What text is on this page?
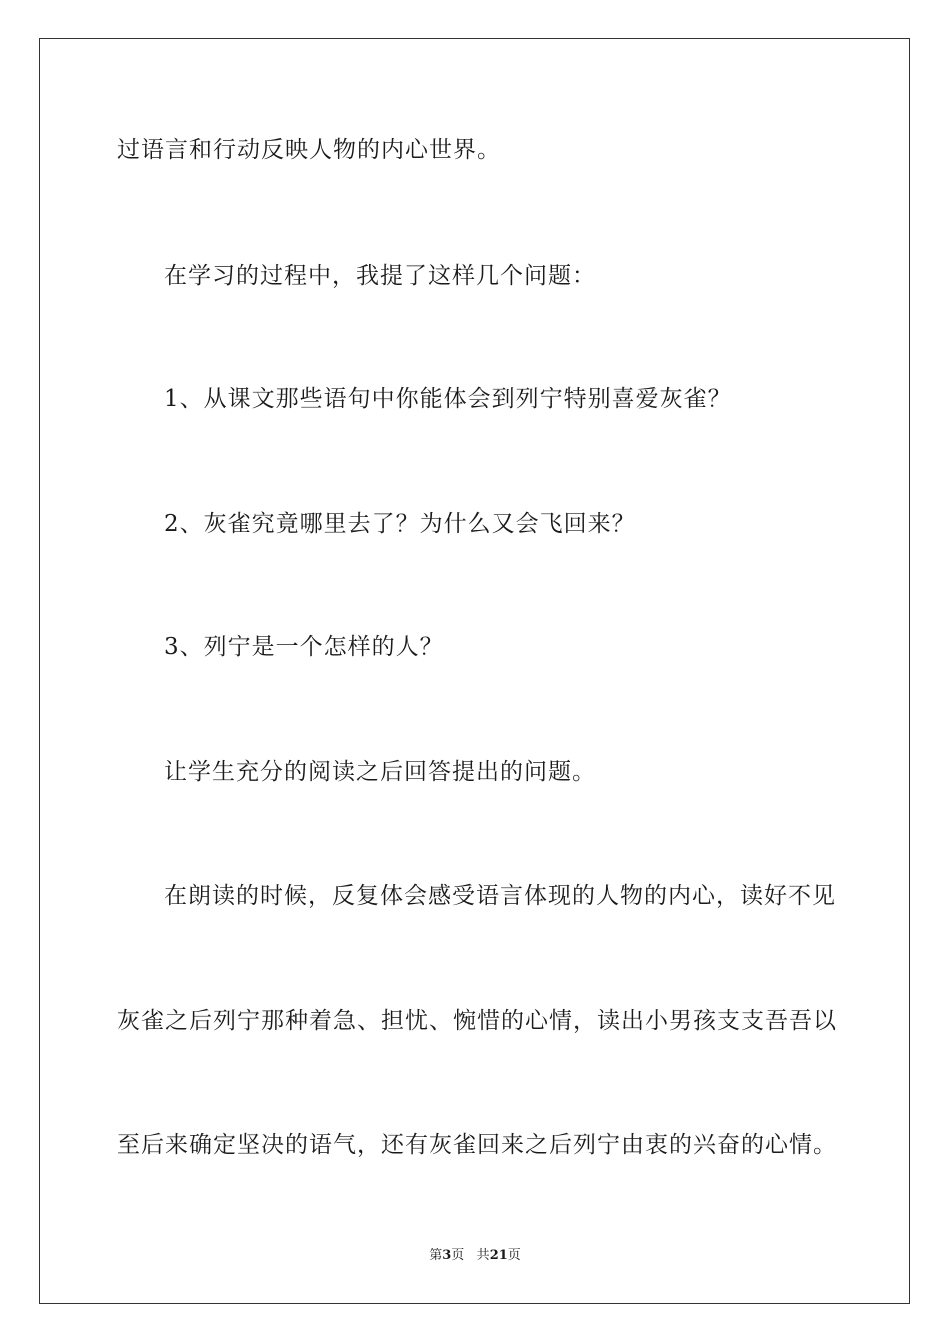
过语言和行动反映人物的内心世界。

在学习的过程中，我提了这样几个问题：

1、从课文那些语句中你能体会到列宁特别喜爱灰雀？

2、灰雀究竟哪里去了？为什么又会飞回来？

3、列宁是一个怎样的人？

让学生充分的阅读之后回答提出的问题。

在朗读的时候，反复体会感受语言体现的人物的内心，读好不见

灰雀之后列宁那种着急、担忧、惋惜的心情，读出小男孩支支吾吾以

至后来确定坚决的语气，还有灰雀回来之后列宁由衷的兴奋的心情。

第3页 共21页
